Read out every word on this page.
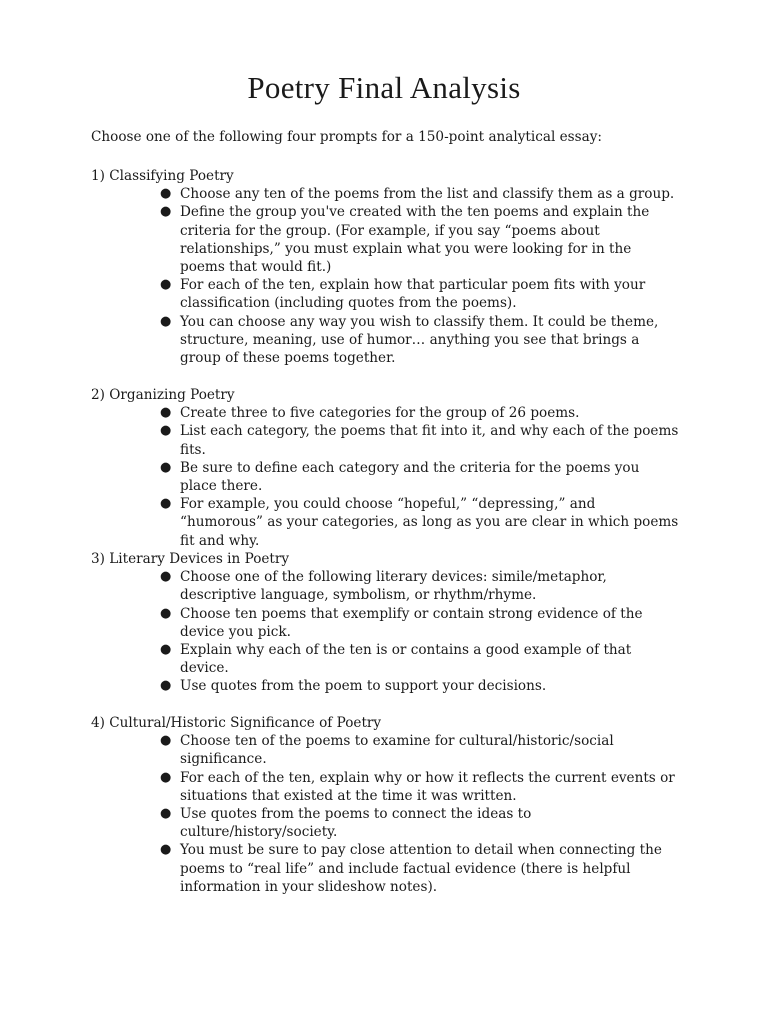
Poetry Final Analysis

Choose one of the following four prompts for a 150-point analytical essay:

1) Classifying Poetry

● Choose any ten of the poems from the list and classify them as a group.
● Define the group you've created with the ten poems and explain the criteria for the group. (For example, if you say “poems about relationships,” you must explain what you were looking for in the poems that would fit.)
● For each of the ten, explain how that particular poem fits with your classification (including quotes from the poems).
● You can choose any way you wish to classify them. It could be theme, structure, meaning, use of humor… anything you see that brings a group of these poems together.

2) Organizing Poetry

● Create three to five categories for the group of 26 poems.
● List each category, the poems that fit into it, and why each of the poems fits.
● Be sure to define each category and the criteria for the poems you place there.
● For example, you could choose “hopeful,” “depressing,” and “humorous” as your categories, as long as you are clear in which poems fit and why.

3) Literary Devices in Poetry

● Choose one of the following literary devices: simile/metaphor, descriptive language, symbolism, or rhythm/rhyme.
● Choose ten poems that exemplify or contain strong evidence of the device you pick.
● Explain why each of the ten is or contains a good example of that device.
● Use quotes from the poem to support your decisions.

4) Cultural/Historic Significance of Poetry

● Choose ten of the poems to examine for cultural/historic/social significance.
● For each of the ten, explain why or how it reflects the current events or situations that existed at the time it was written.
● Use quotes from the poems to connect the ideas to culture/history/society.
● You must be sure to pay close attention to detail when connecting the poems to “real life” and include factual evidence (there is helpful information in your slideshow notes).
